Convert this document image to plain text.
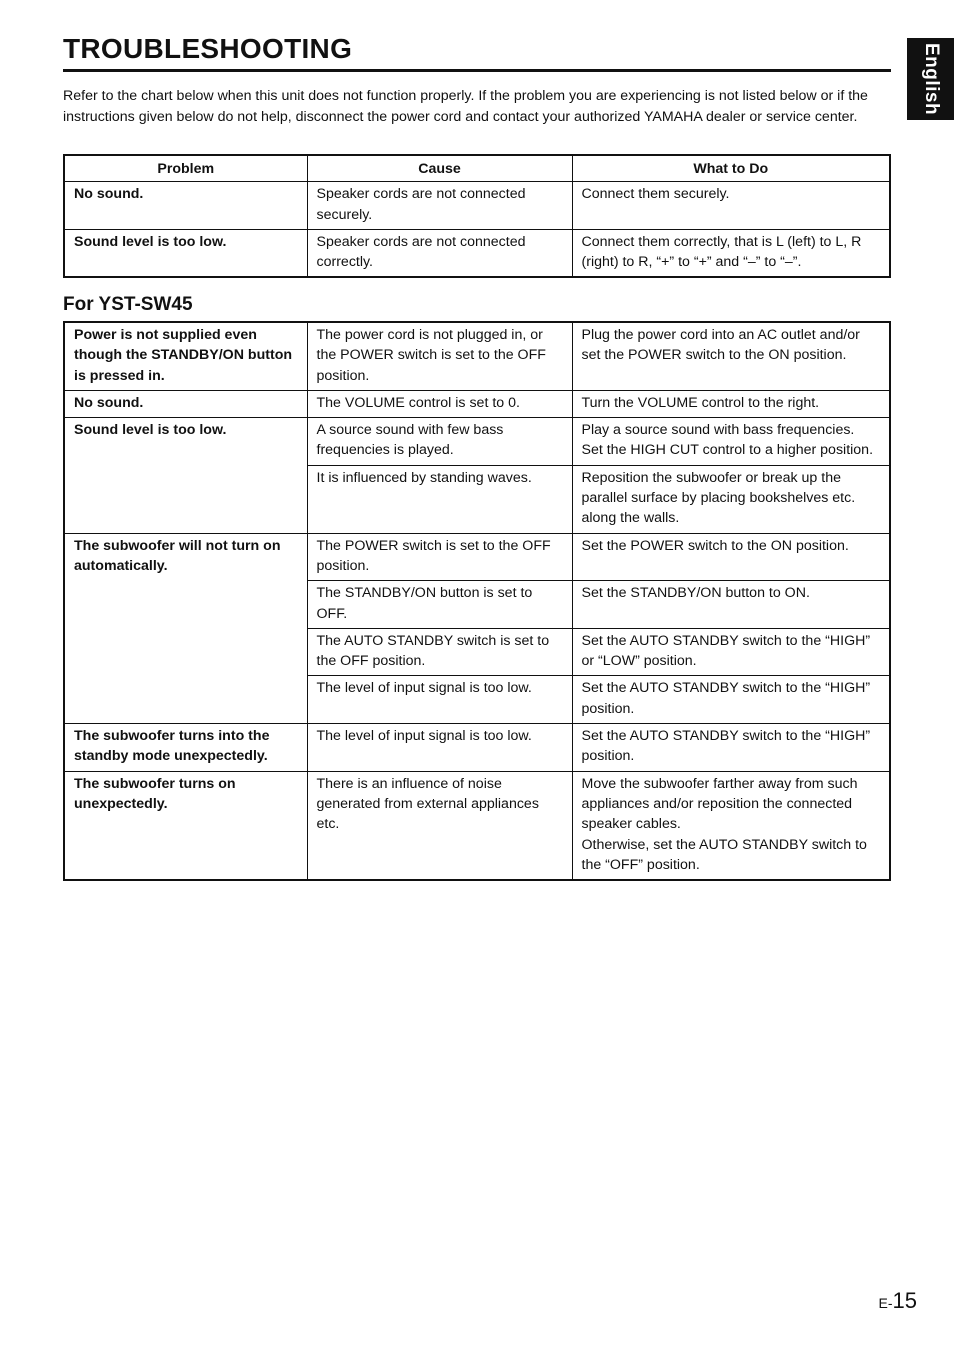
TROUBLESHOOTING	English

Refer to the chart below when this unit does not function properly. If the problem you are experiencing is not listed below or if the instructions given below do not help, disconnect the power cord and contact your authorized YAMAHA dealer or service center.

Problem	Cause	What to Do
No sound.	Speaker cords are not connected securely.	Connect them securely.
Sound level is too low.	Speaker cords are not connected correctly.	Connect them correctly, that is L (left) to L, R (right) to R, “+” to “+” and “–” to “–”.
For YST-SW45
Power is not supplied even though the STANDBY/ON button is pressed in.	The power cord is not plugged in, or the POWER switch is set to the OFF position.	Plug the power cord into an AC outlet and/or set the POWER switch to the ON position.
No sound.	The VOLUME control is set to 0.	Turn the VOLUME control to the right.
Sound level is too low.	A source sound with few bass frequencies is played.	Play a source sound with bass frequencies.
Set the HIGH CUT control to a higher position.
	It is influenced by standing waves.	Reposition the subwoofer or break up the parallel surface by placing bookshelves etc. along the walls.
The subwoofer will not turn on automatically.	The POWER switch is set to the OFF position.	Set the POWER switch to the ON position.
	The STANDBY/ON button is set to OFF.	Set the STANDBY/ON button to ON.
	The AUTO STANDBY switch is set to the OFF position.	Set the AUTO STANDBY switch to the “HIGH” or “LOW” position.
	The level of input signal is too low.	Set the AUTO STANDBY switch to the “HIGH” position.
The subwoofer turns into the standby mode unexpectedly.	The level of input signal is too low.	Set the AUTO STANDBY switch to the “HIGH” position.
The subwoofer turns on unexpectedly.	There is an influence of noise generated from external appliances etc.	Move the subwoofer farther away from such appliances and/or reposition the connected speaker cables.
Otherwise, set the AUTO STANDBY switch to the “OFF” position.
E-15
